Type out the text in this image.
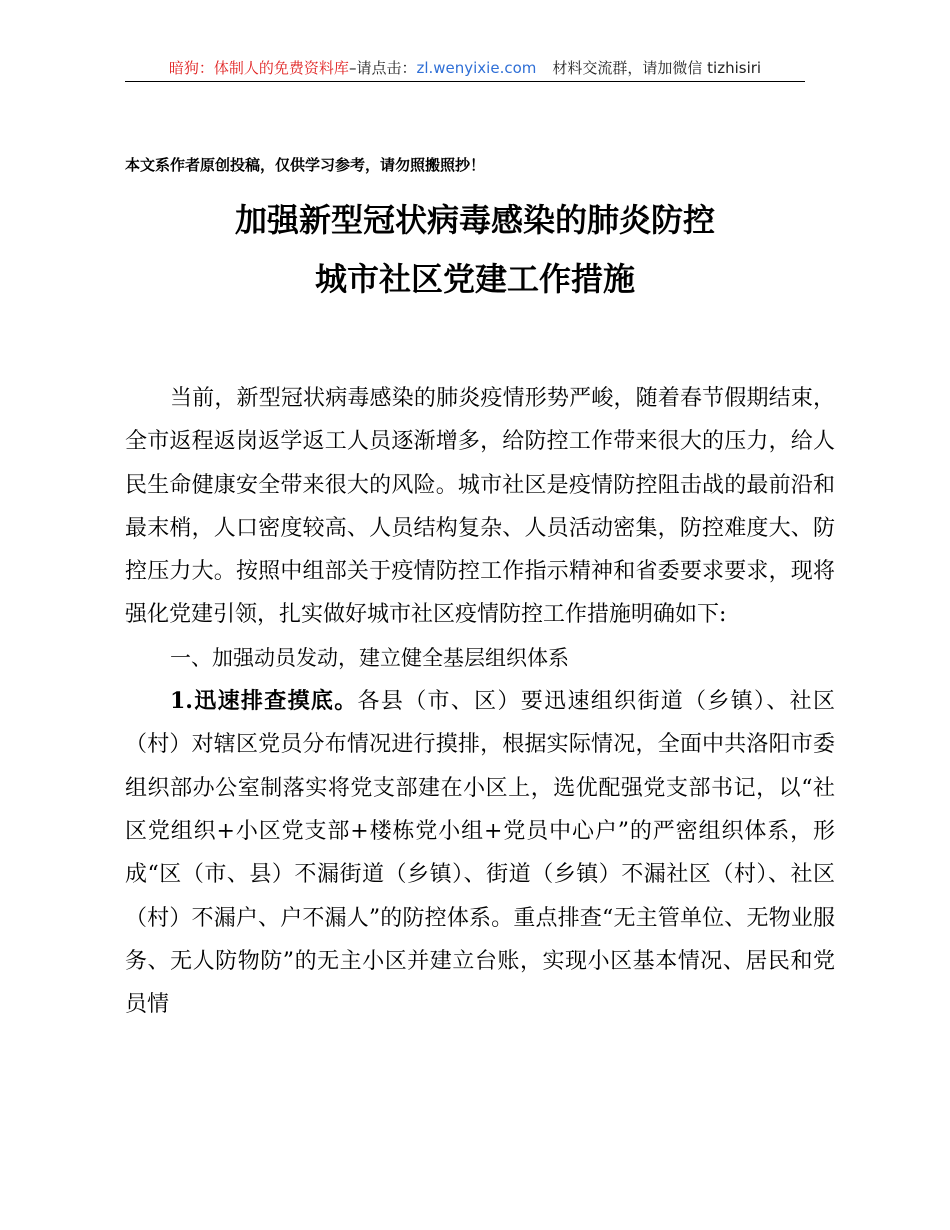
暗狗：体制人的免费资料库–请点击：zl.wenyixie.com 材料交流群，请加微信 tizhisiri
本文系作者原创投稿，仅供学习参考，请勿照搬照抄！
加强新型冠状病毒感染的肺炎防控
城市社区党建工作措施

当前，新型冠状病毒感染的肺炎疫情形势严峻，随着春节假期结束，全市返程返岗返学返工人员逐渐增多，给防控工作带来很大的压力，给人民生命健康安全带来很大的风险。城市社区是疫情防控阻击战的最前沿和最末梢，人口密度较高、人员结构复杂、人员活动密集，防控难度大、防控压力大。按照中组部关于疫情防控工作指示精神和省委要求要求，现将强化党建引领，扎实做好城市社区疫情防控工作措施明确如下:

一、加强动员发动，建立健全基层组织体系

1.迅速排查摸底。各县（市、区）要迅速组织街道（乡镇）、社区（村）对辖区党员分布情况进行摸排，根据实际情况，全面中共洛阳市委组织部办公室制落实将党支部建在小区上，选优配强党支部书记，以“社区党组织+小区党支部+楼栋党小组+党员中心户”的严密组织体系，形成“区（市、县）不漏街道（乡镇）、街道（乡镇）不漏社区（村）、社区（村）不漏户、户不漏人”的防控体系。重点排查“无主管单位、无物业服务、无人防物防”的无主小区并建立台账，实现小区基本情况、居民和党员情
